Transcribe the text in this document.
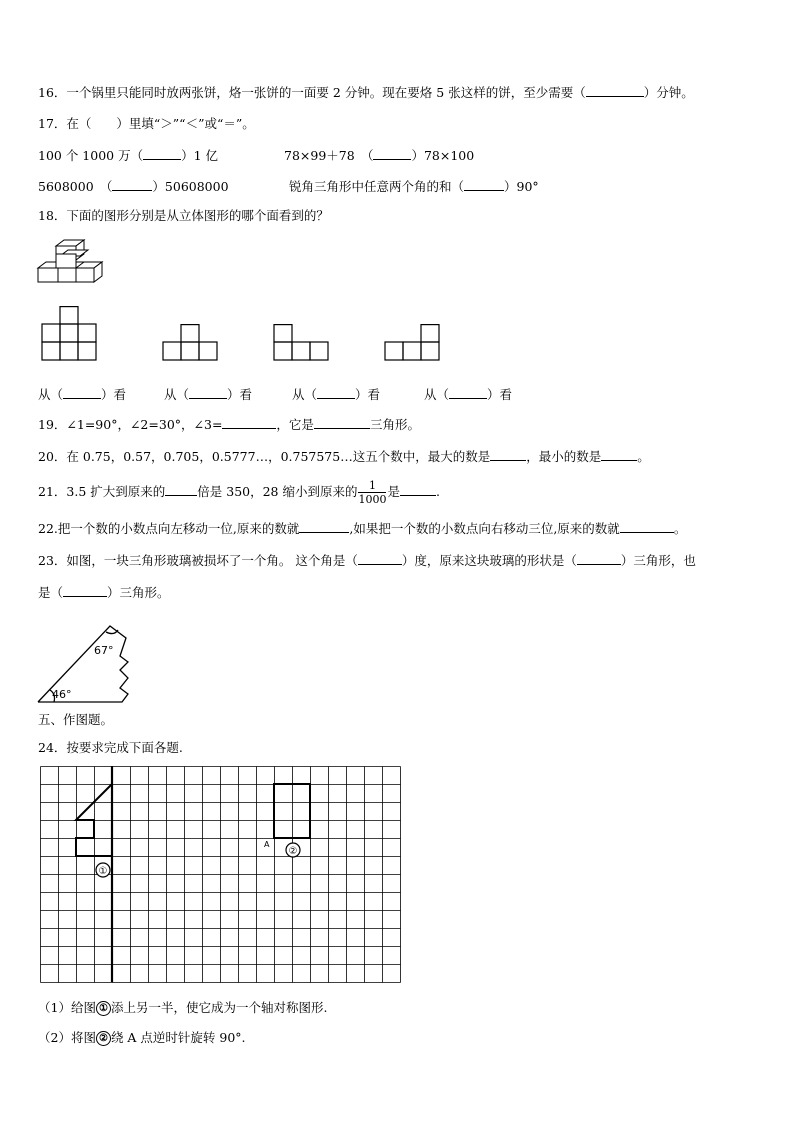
16．一个锅里只能同时放两张饼，烙一张饼的一面要 2 分钟。现在要烙 5 张这样的饼，至少需要（	）分钟。
17．在（　　）里填“＞”“＜”或“＝”。
100 个 1000 万（	）1 亿	78×99＋78　（	）78×100
5608000　（	）50608000	锐角三角形中任意两个角的和（	）90°
18．下面的图形分别是从立体图形的哪个面看到的？
从（	）看	从（	）看	从（	）看	从（	）看
19．∠1=90°，∠2=30°，∠3=	，它是	三角形。
20．在 0.75，0.57，0.705，0.5777…，0.757575…这五个数中，最大的数是	，最小的数是	。
21．3.5 扩大到原来的	倍是 350，28 缩小到原来的 $\frac{1}{1000}$ 是	.
22.把一个数的小数点向左移动一位,原来的数就	,如果把一个数的小数点向右移动三位,原来的数就	。
23．如图，一块三角形玻璃被损坏了一个角。 这个角是（	）度，原来这块玻璃的形状是（	）三角形，也
是（	）三角形。
67°
46°
五、作图题。
24．按要求完成下面各题.
①
②
A
（1）给图 ① 添上另一半，使它成为一个轴对称图形.
（2）将图 ② 绕 A 点逆时针旋转 90°.
